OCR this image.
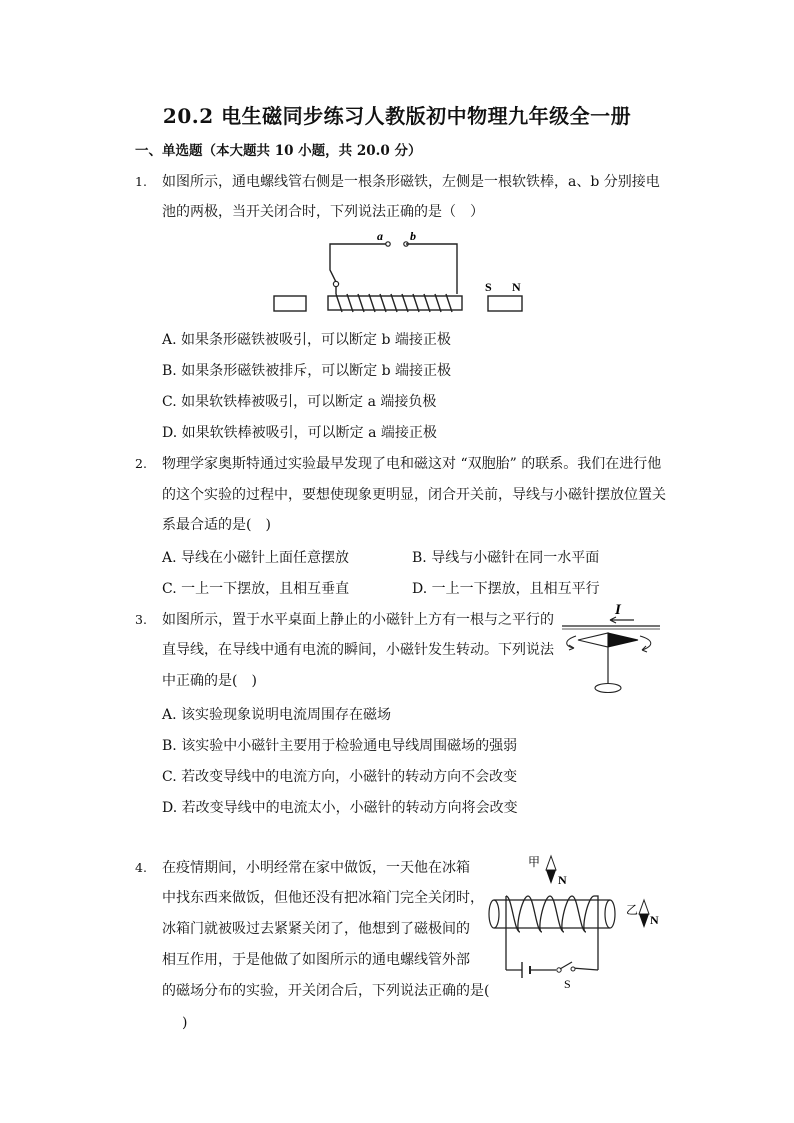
20.2 电生磁同步练习人教版初中物理九年级全一册
一、单选题（本大题共 10 小题，共 20.0 分）
1. 如图所示，通电螺线管右侧是一根条形磁铁，左侧是一根软铁棒，a、b 分别接电
池的两极，当开关闭合时，下列说法正确的是（　）
a b
S N
A. 如果条形磁铁被吸引，可以断定 b 端接正极
B. 如果条形磁铁被排斥，可以断定 b 端接正极
C. 如果软铁棒被吸引，可以断定 a 端接负极
D. 如果软铁棒被吸引，可以断定 a 端接正极
2. 物理学家奥斯特通过实验最早发现了电和磁这对 “双胞胎” 的联系。我们在进行他
的这个实验的过程中，要想使现象更明显，闭合开关前，导线与小磁针摆放位置关
系最合适的是(　)
A. 导线在小磁针上面任意摆放	B. 导线与小磁针在同一水平面
C. 一上一下摆放，且相互垂直	D. 一上一下摆放，且相互平行
3. 如图所示，置于水平桌面上静止的小磁针上方有一根与之平行的
直导线，在导线中通有电流的瞬间，小磁针发生转动。下列说法
中正确的是(　)
I
A. 该实验现象说明电流周围存在磁场
B. 该实验中小磁针主要用于检验通电导线周围磁场的强弱
C. 若改变导线中的电流方向，小磁针的转动方向不会改变
D. 若改变导线中的电流太小，小磁针的转动方向将会改变
4. 在疫情期间，小明经常在家中做饭，一天他在冰箱
中找东西来做饭，但他还没有把冰箱门完全关闭时，
冰箱门就被吸过去紧紧关闭了，他想到了磁极间的
相互作用，于是他做了如图所示的通电螺线管外部
的磁场分布的实验，开关闭合后，下列说法正确的是(
　)
甲
N
S
乙
N
